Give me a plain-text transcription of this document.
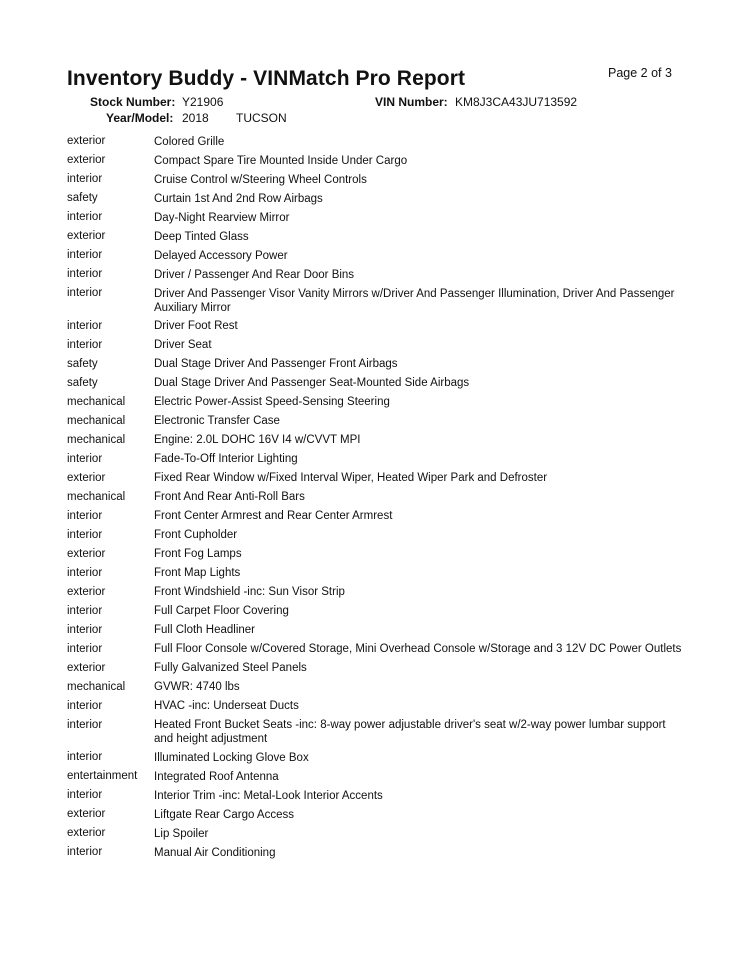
Inventory Buddy - VINMatch Pro Report	Page 2 of 3
Stock Number: Y21906	VIN Number: KM8J3CA43JU713592
Year/Model: 2018 TUCSON
exterior	Colored Grille
exterior	Compact Spare Tire Mounted Inside Under Cargo
interior	Cruise Control w/Steering Wheel Controls
safety	Curtain 1st And 2nd Row Airbags
interior	Day-Night Rearview Mirror
exterior	Deep Tinted Glass
interior	Delayed Accessory Power
interior	Driver / Passenger And Rear Door Bins
interior	Driver And Passenger Visor Vanity Mirrors w/Driver And Passenger Illumination, Driver And Passenger Auxiliary Mirror
interior	Driver Foot Rest
interior	Driver Seat
safety	Dual Stage Driver And Passenger Front Airbags
safety	Dual Stage Driver And Passenger Seat-Mounted Side Airbags
mechanical	Electric Power-Assist Speed-Sensing Steering
mechanical	Electronic Transfer Case
mechanical	Engine: 2.0L DOHC 16V I4 w/CVVT MPI
interior	Fade-To-Off Interior Lighting
exterior	Fixed Rear Window w/Fixed Interval Wiper, Heated Wiper Park and Defroster
mechanical	Front And Rear Anti-Roll Bars
interior	Front Center Armrest and Rear Center Armrest
interior	Front Cupholder
exterior	Front Fog Lamps
interior	Front Map Lights
exterior	Front Windshield -inc: Sun Visor Strip
interior	Full Carpet Floor Covering
interior	Full Cloth Headliner
interior	Full Floor Console w/Covered Storage, Mini Overhead Console w/Storage and 3 12V DC Power Outlets
exterior	Fully Galvanized Steel Panels
mechanical	GVWR: 4740 lbs
interior	HVAC -inc: Underseat Ducts
interior	Heated Front Bucket Seats -inc: 8-way power adjustable driver's seat w/2-way power lumbar support and height adjustment
interior	Illuminated Locking Glove Box
entertainment	Integrated Roof Antenna
interior	Interior Trim -inc: Metal-Look Interior Accents
exterior	Liftgate Rear Cargo Access
exterior	Lip Spoiler
interior	Manual Air Conditioning
